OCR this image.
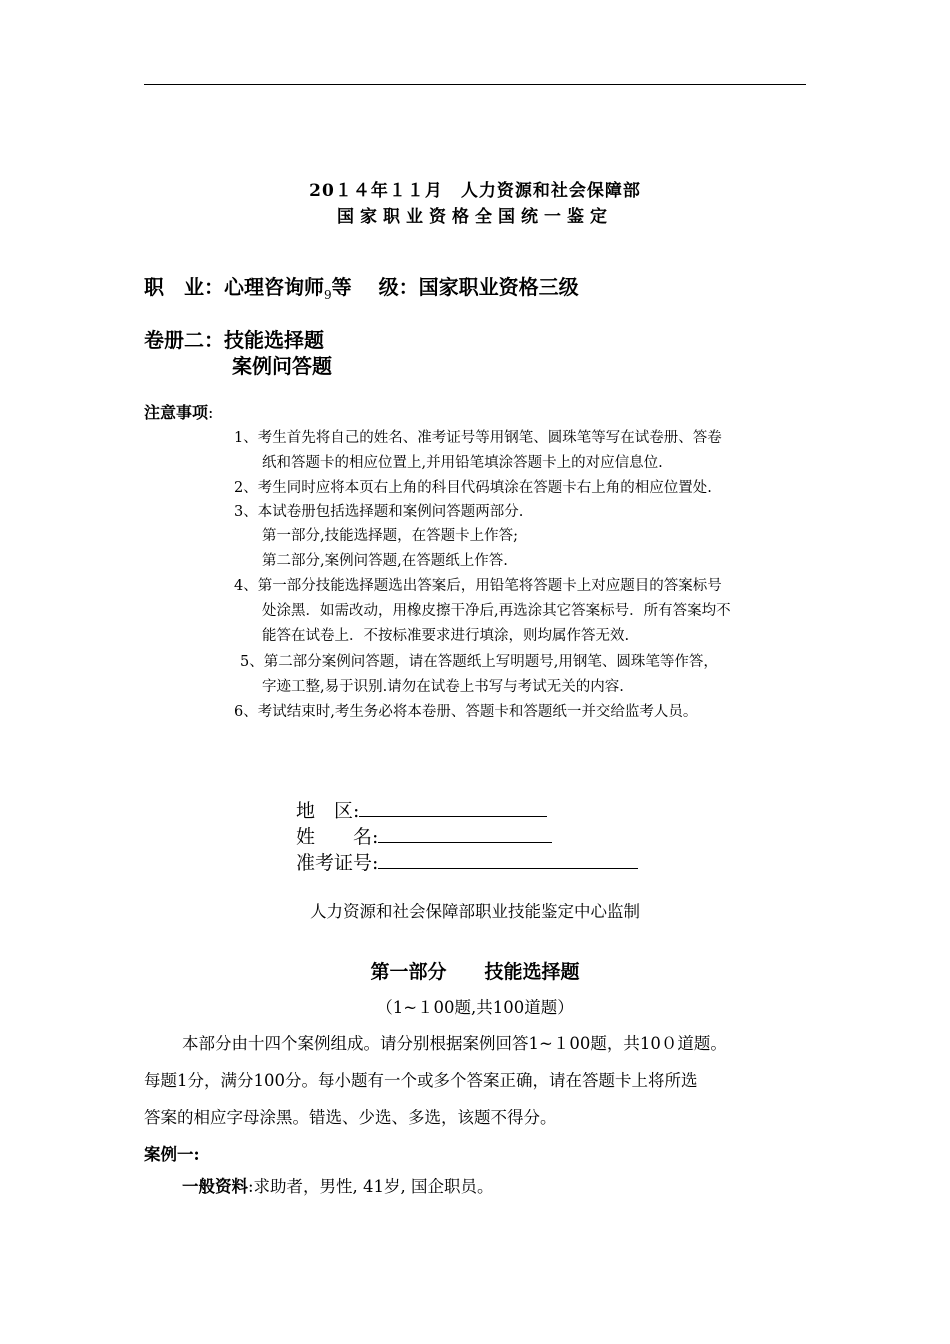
20１４年１１月　人力资源和社会保障部
国家职业资格全国统一鉴定
职　业：心理咨询师$_9$等　 级：国家职业资格三级
卷册二：技能选择题
案例问答题
注意事项:
1、考生首先将自己的姓名、准考证号等用钢笔、圆珠笔等写在试卷册、答卷
纸和答题卡的相应位置上,并用铅笔填涂答题卡上的对应信息位.
2、考生同时应将本页右上角的科目代码填涂在答题卡右上角的相应位置处.
3、本试卷册包括选择题和案例问答题两部分.
第一部分,技能选择题，在答题卡上作答;
第二部分,案例问答题,在答题纸上作答.
4、第一部分技能选择题选出答案后，用铅笔将答题卡上对应题目的答案标号
处涂黑．如需改动，用橡皮擦干净后,再选涂其它答案标号．所有答案均不
能答在试卷上．不按标准要求进行填涂，则均属作答无效.
5、第二部分案例问答题，请在答题纸上写明题号,用钢笔、圆珠笔等作答，
字迹工整,易于识别.请勿在试卷上书写与考试无关的内容.
6、考试结束时,考生务必将本卷册、答题卡和答题纸一并交给监考人员。
地　区:
姓　　名:
准考证号:
人力资源和社会保障部职业技能鉴定中心监制
第一部分　　技能选择题
（1~１00题,共100道题）
本部分由十四个案例组成。请分别根据案例回答1~１00题，共10０道题。
每题1分，满分100分。每小题有一个或多个答案正确，请在答题卡上将所选
答案的相应字母涂黑。错选、少选、多选，该题不得分。
案例一:
一般资料:求助者，男性, 41岁, 国企职员。
